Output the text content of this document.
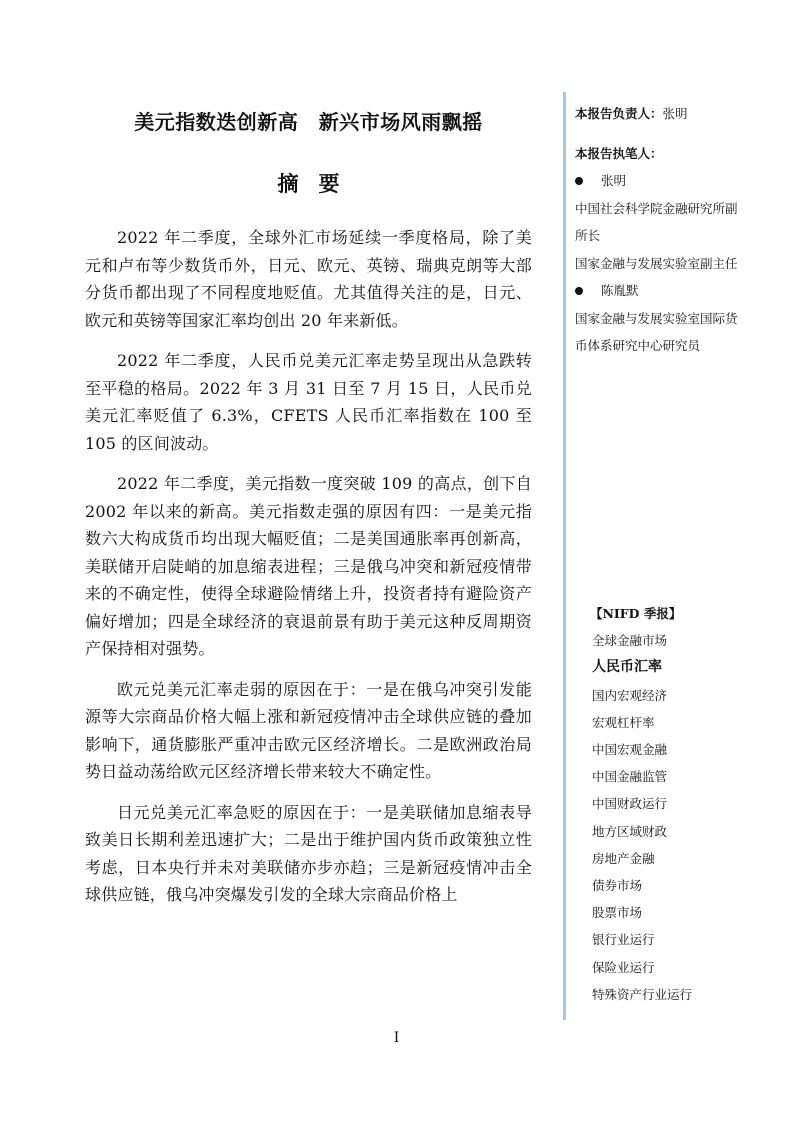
美元指数迭创新高　新兴市场风雨飘摇
摘要

2022 年二季度，全球外汇市场延续一季度格局，除了美元和卢布等少数货币外，日元、欧元、英镑、瑞典克朗等大部分货币都出现了不同程度地贬值。尤其值得关注的是，日元、欧元和英镑等国家汇率均创出 20 年来新低。

2022 年二季度，人民币兑美元汇率走势呈现出从急跌转至平稳的格局。2022 年 3 月 31 日至 7 月 15 日，人民币兑美元汇率贬值了 6.3%，CFETS 人民币汇率指数在 100 至 105 的区间波动。

2022 年二季度，美元指数一度突破 109 的高点，创下自 2002 年以来的新高。美元指数走强的原因有四：一是美元指数六大构成货币均出现大幅贬值；二是美国通胀率再创新高，美联储开启陡峭的加息缩表进程；三是俄乌冲突和新冠疫情带来的不确定性，使得全球避险情绪上升，投资者持有避险资产偏好增加；四是全球经济的衰退前景有助于美元这种反周期资产保持相对强势。

欧元兑美元汇率走弱的原因在于：一是在俄乌冲突引发能源等大宗商品价格大幅上涨和新冠疫情冲击全球供应链的叠加影响下，通货膨胀严重冲击欧元区经济增长。二是欧洲政治局势日益动荡给欧元区经济增长带来较大不确定性。

日元兑美元汇率急贬的原因在于：一是美联储加息缩表导致美日长期利差迅速扩大；二是出于维护国内货币政策独立性考虑，日本央行并未对美联储亦步亦趋；三是新冠疫情冲击全球供应链，俄乌冲突爆发引发的全球大宗商品价格上

本报告负责人：张明
本报告执笔人：
张明
中国社会科学院金融研究所副所长
国家金融与发展实验室副主任
陈胤默
国家金融与发展实验室国际货币体系研究中心研究员
【NIFD 季报】
全球金融市场
人民币汇率
国内宏观经济
宏观杠杆率
中国宏观金融
中国金融监管
中国财政运行
地方区域财政
房地产金融
债券市场
股票市场
银行业运行
保险业运行
特殊资产行业运行
I
